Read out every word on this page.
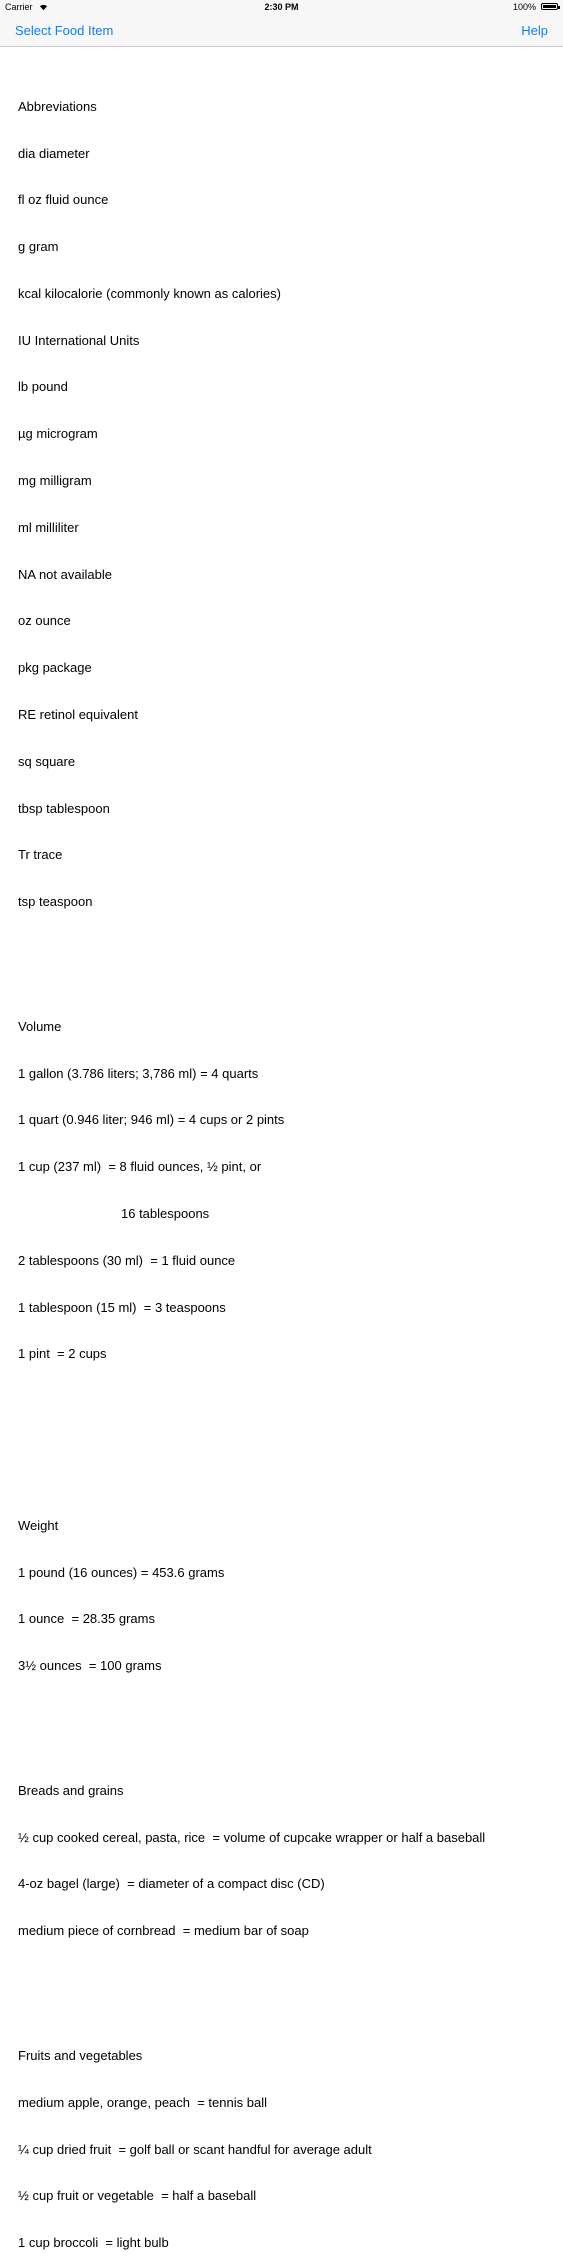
Carrier	2:30 PM	100%
Select Food Item	Help

Abbreviations

dia diameter

fl oz fluid ounce

g gram

kcal kilocalorie (commonly known as calories)

IU International Units

lb pound

µg microgram

mg milligram

ml milliliter

NA not available

oz ounce

pkg package

RE retinol equivalent

sq square

tbsp tablespoon

Tr trace

tsp teaspoon

Volume

1 gallon (3.786 liters; 3,786 ml) = 4 quarts

1 quart (0.946 liter; 946 ml) = 4 cups or 2 pints

1 cup (237 ml)  = 8 fluid ounces, ½ pint, or

16 tablespoons

2 tablespoons (30 ml)  = 1 fluid ounce

1 tablespoon (15 ml)  = 3 teaspoons

1 pint  = 2 cups

Weight

1 pound (16 ounces) = 453.6 grams

1 ounce  = 28.35 grams

3½ ounces  = 100 grams

Breads and grains

½ cup cooked cereal, pasta, rice  = volume of cupcake wrapper or half a baseball

4-oz bagel (large)  = diameter of a compact disc (CD)

medium piece of cornbread  = medium bar of soap

Fruits and vegetables

medium apple, orange, peach  = tennis ball

¼ cup dried fruit  = golf ball or scant handful for average adult

½ cup fruit or vegetable  = half a baseball

1 cup broccoli  = light bulb
